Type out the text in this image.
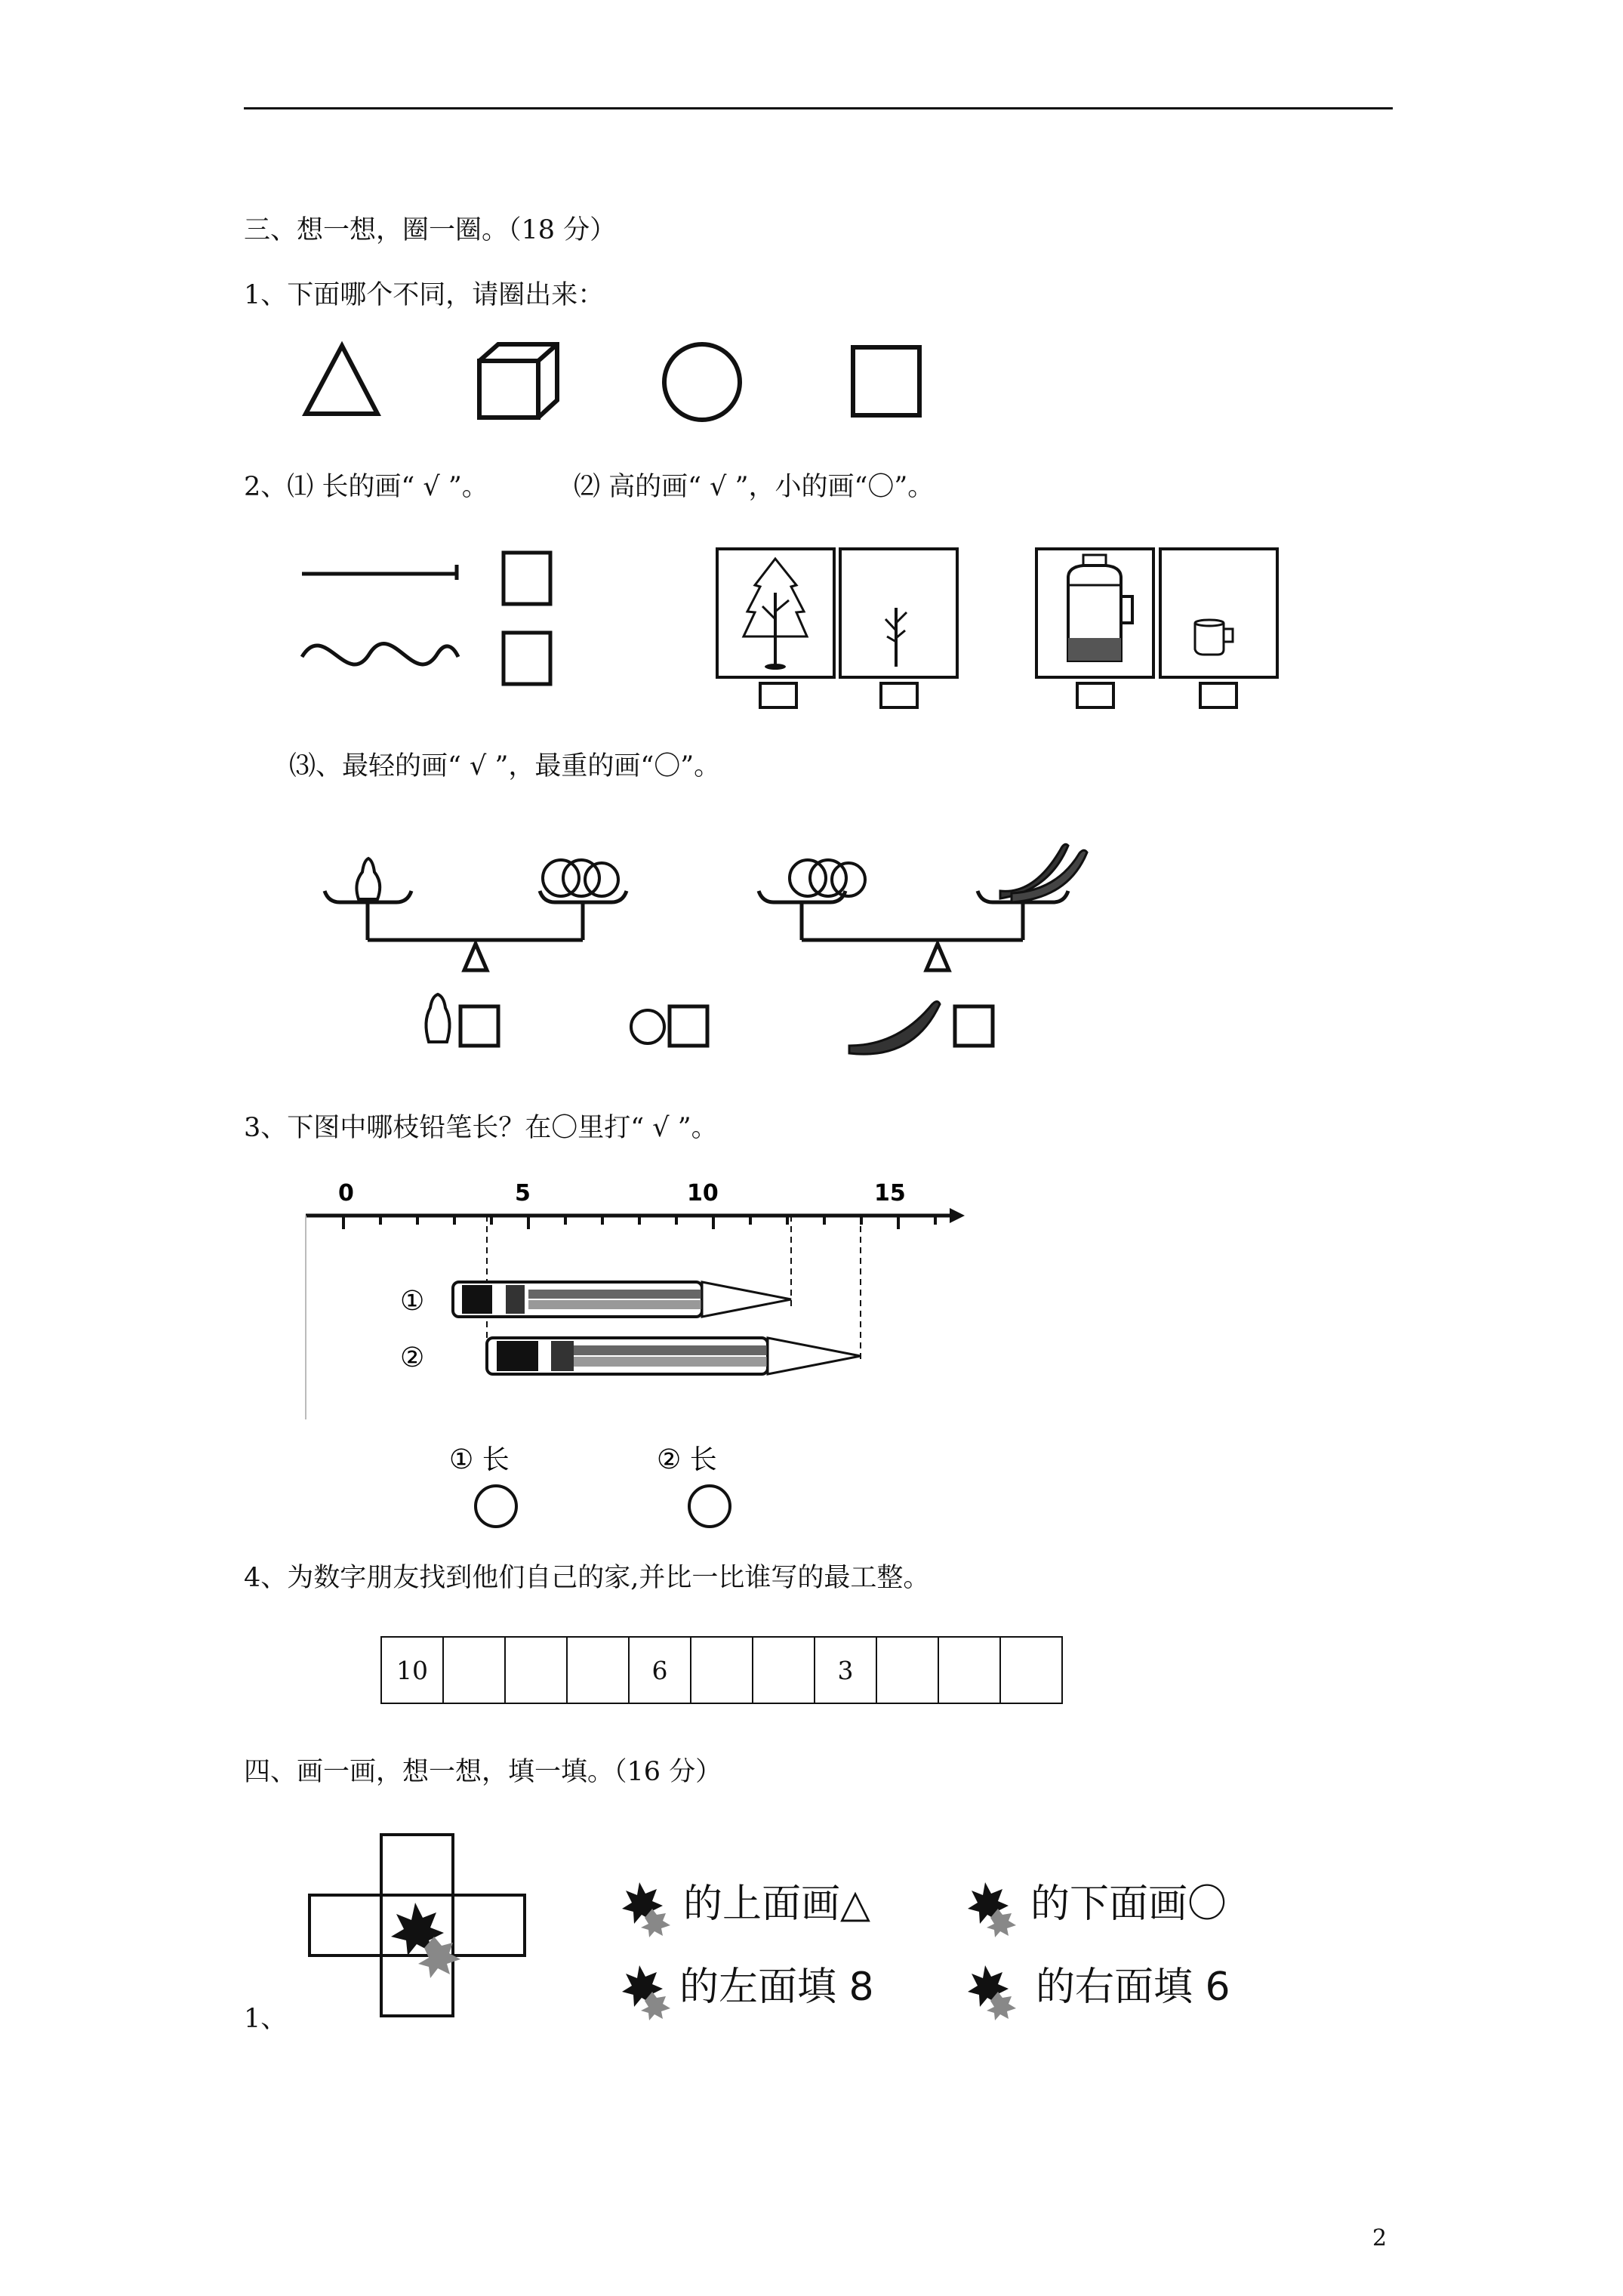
三、想一想，圈一圈。（18 分）
1、下面哪个不同，请圈出来：
2、⑴ 长的画“ √ ”。	⑵ 高的画“ √ ”，小的画“〇”。
⑶、最轻的画“ √ ”，最重的画“〇”。
3、下图中哪枝铅笔长？在〇里打“ √ ”。
0	5	10	15
①
②
① 长	② 长
4、为数字朋友找到他们自己的家,并比一比谁写的最工整。
10				6			3			
四、画一画，想一想，填一填。（16 分）
1、
的上面画△	的下面画〇
的左面填 8	的右面填 6
2
